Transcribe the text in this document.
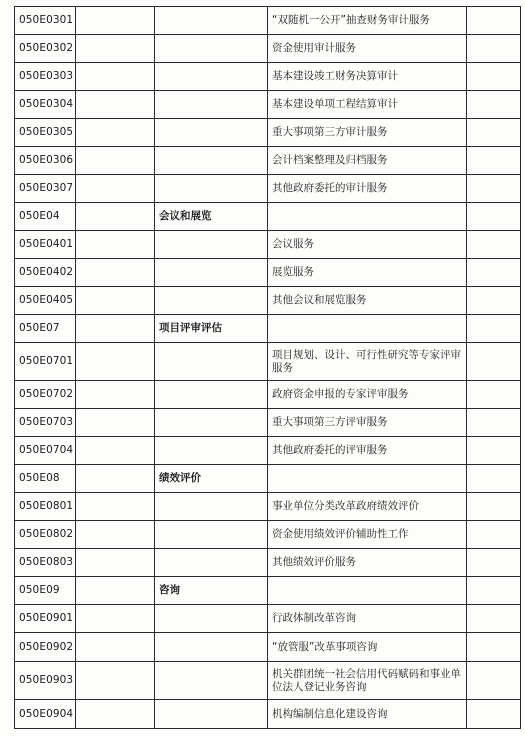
050E0301			“双随机一公开”抽查财务审计服务	
050E0302			资金使用审计服务	
050E0303			基本建设竣工财务决算审计	
050E0304			基本建设单项工程结算审计	
050E0305			重大事项第三方审计服务	
050E0306			会计档案整理及归档服务	
050E0307			其他政府委托的审计服务	
050E04		会议和展览		
050E0401			会议服务	
050E0402			展览服务	
050E0405			其他会议和展览服务	
050E07		项目评审评估		
050E0701			项目规划、设计、可行性研究等专家评审服务	
050E0702			政府资金申报的专家评审服务	
050E0703			重大事项第三方评审服务	
050E0704			其他政府委托的评审服务	
050E08		绩效评价		
050E0801			事业单位分类改革政府绩效评价	
050E0802			资金使用绩效评价辅助性工作	
050E0803			其他绩效评价服务	
050E09		咨询		
050E0901			行政体制改革咨询	
050E0902			“放管服”改革事项咨询	
050E0903			机关群团统一社会信用代码赋码和事业单位法人登记业务咨询	
050E0904			机构编制信息化建设咨询	
